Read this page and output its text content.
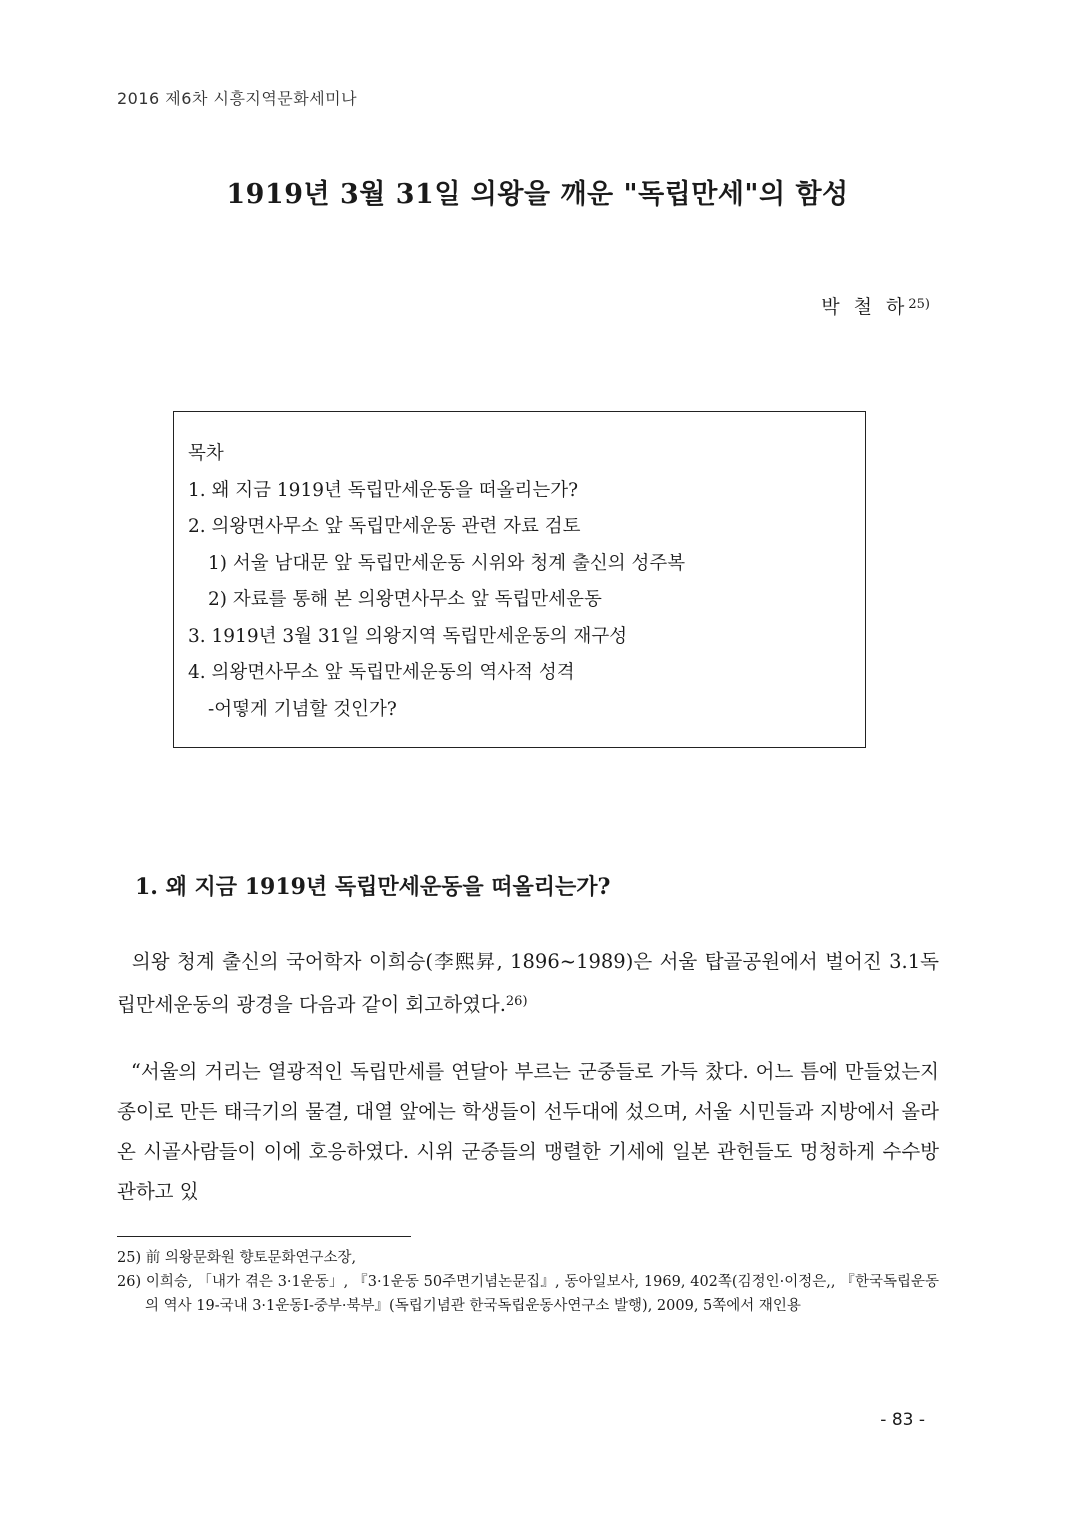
2016 제6차 시흥지역문화세미나
1919년 3월 31일 의왕을 깨운 "독립만세"의 함성
박 철 하$^{25)}$
목차
1. 왜 지금 1919년 독립만세운동을 떠올리는가?
2. 의왕면사무소 앞 독립만세운동 관련 자료 검토
1) 서울 남대문 앞 독립만세운동 시위와 청계 출신의 성주복
2) 자료를 통해 본 의왕면사무소 앞 독립만세운동
3. 1919년 3월 31일 의왕지역 독립만세운동의 재구성
4. 의왕면사무소 앞 독립만세운동의 역사적 성격
-어떻게 기념할 것인가?
1. 왜 지금 1919년 독립만세운동을 떠올리는가?
의왕 청계 출신의 국어학자 이희승(李熙昇, 1896~1989)은 서울 탑골공원에서 벌어진 3.1독립만세운동의 광경을 다음과 같이 회고하였다.$^{26)}$
“서울의 거리는 열광적인 독립만세를 연달아 부르는 군중들로 가득 찼다. 어느 틈에 만들었는지 종이로 만든 태극기의 물결, 대열 앞에는 학생들이 선두대에 섰으며, 서울 시민들과 지방에서 올라온 시골사람들이 이에 호응하였다. 시위 군중들의 맹렬한 기세에 일본 관헌들도 멍청하게 수수방관하고 있
25) 前 의왕문화원 향토문화연구소장,
26) 이희승, 「내가 겪은 3·1운동」, 『3·1운동 50주면기념논문집』, 동아일보사, 1969, 402쪽(김정인·이정은,, 『한국독립운동의 역사 19-국내 3·1운동Ⅰ-중부·북부』(독립기념관 한국독립운동사연구소 발행), 2009, 5쪽에서 재인용
- 83 -
